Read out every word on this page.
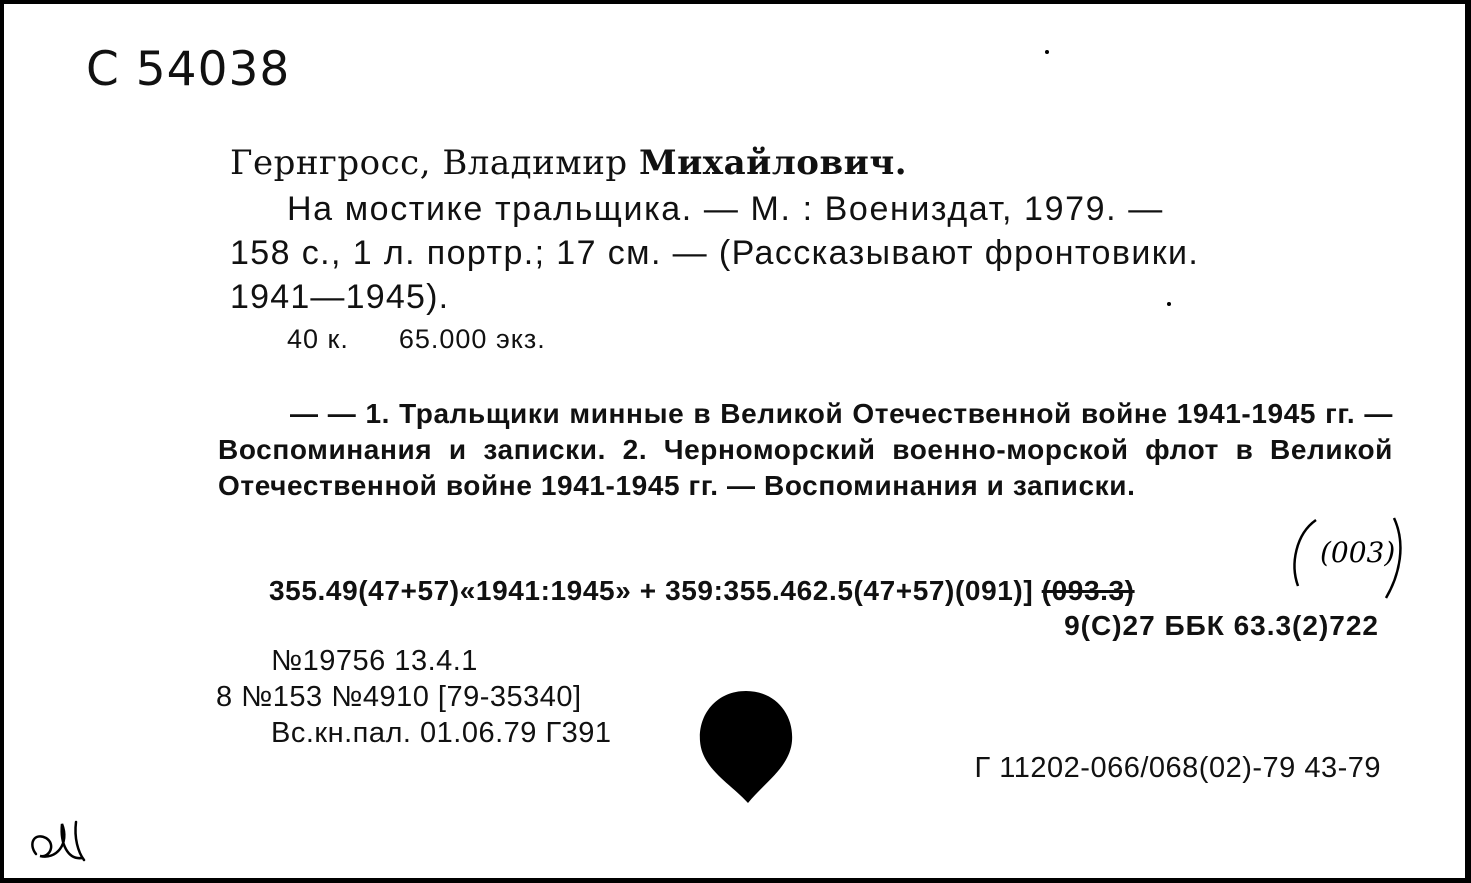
С 54038
Гернгросс, Владимир Михайлович.
На мостике тральщика. — М. : Воениздат, 1979. —
158 с., 1 л. портр.; 17 см. — (Рассказывают фронтовики.
1941—1945).
40 к. 65.000 экз.
— — 1. Тральщики минные в Великой Отечественной войне 1941-1945 гг. — Воспоминания и записки. 2. Черноморский военно-морской флот в Великой Отечественной войне 1941-1945 гг. — Воспоминания и записки.
(003)
355.49(47+57)«1941:1945» + 359:355.462.5(47+57)(091)] (093.3)
9(С)27 ББК 63.3(2)722
№19756 13.4.1
8 №153 №4910 [79-35340]
Вс.кн.пал. 01.06.79 Г391
Г 11202-066/068(02)-79 43-79
